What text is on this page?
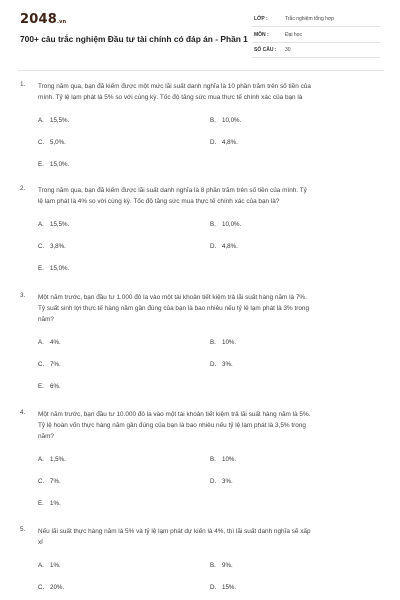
2048.vn
700+ câu trắc nghiệm Đầu tư tài chính có đáp án - Phần 1
LỚP :	Trắc nghiệm tổng hợp
MÔN :	Đại học
SỐ CÂU : 30
1. Trong năm qua, bạn đã kiếm được một mức lãi suất danh nghĩa là 10 phần trăm trên số tiền của
mình. Tỷ lệ lạm phát là 5% so với cùng kỳ. Tốc độ tăng sức mua thực tế chính xác của bạn là
A. 15,5%.	B. 10,0%.
C. 5,0%.	D. 4,8%.
E. 15,0%.
2. Trong năm qua, bạn đã kiếm được lãi suất danh nghĩa là 8 phần trăm trên số tiền của mình. Tỷ
lệ lạm phát là 4% so với cùng kỳ. Tốc độ tăng sức mua thực tế chính xác của bạn là?
A. 15,5%.	B. 10,0%.
C. 3,8%.	D. 4,8%.
E. 15,0%.
3. Một năm trước, bạn đầu tư 1.000 đô la vào một tài khoản tiết kiệm trả lãi suất hàng năm là 7%.
Tỷ suất sinh lợi thực tế hàng năm gần đúng của bạn là bao nhiêu nếu tỷ lệ lạm phát là 3% trong
năm?
A. 4%.	B. 10%.
C. 7%.	D. 3%.
E. 6%.
4. Một năm trước, bạn đầu tư 10.000 đô la vào một tài khoản tiết kiệm trả lãi suất hàng năm là 5%.
Tỷ lệ hoàn vốn thực hàng năm gần đúng của bạn là bao nhiêu nếu tỷ lệ lạm phát là 3,5% trong
năm?
A. 1,5%.	B. 10%.
C. 7%.	D. 3%.
E. 1%.
5. Nếu lãi suất thực hàng năm là 5% và tỷ lệ lạm phát dự kiến là 4%, thì lãi suất danh nghĩa sẽ xấp
xỉ
A. 1%.	B. 9%.
C. 20%.	D. 15%.
